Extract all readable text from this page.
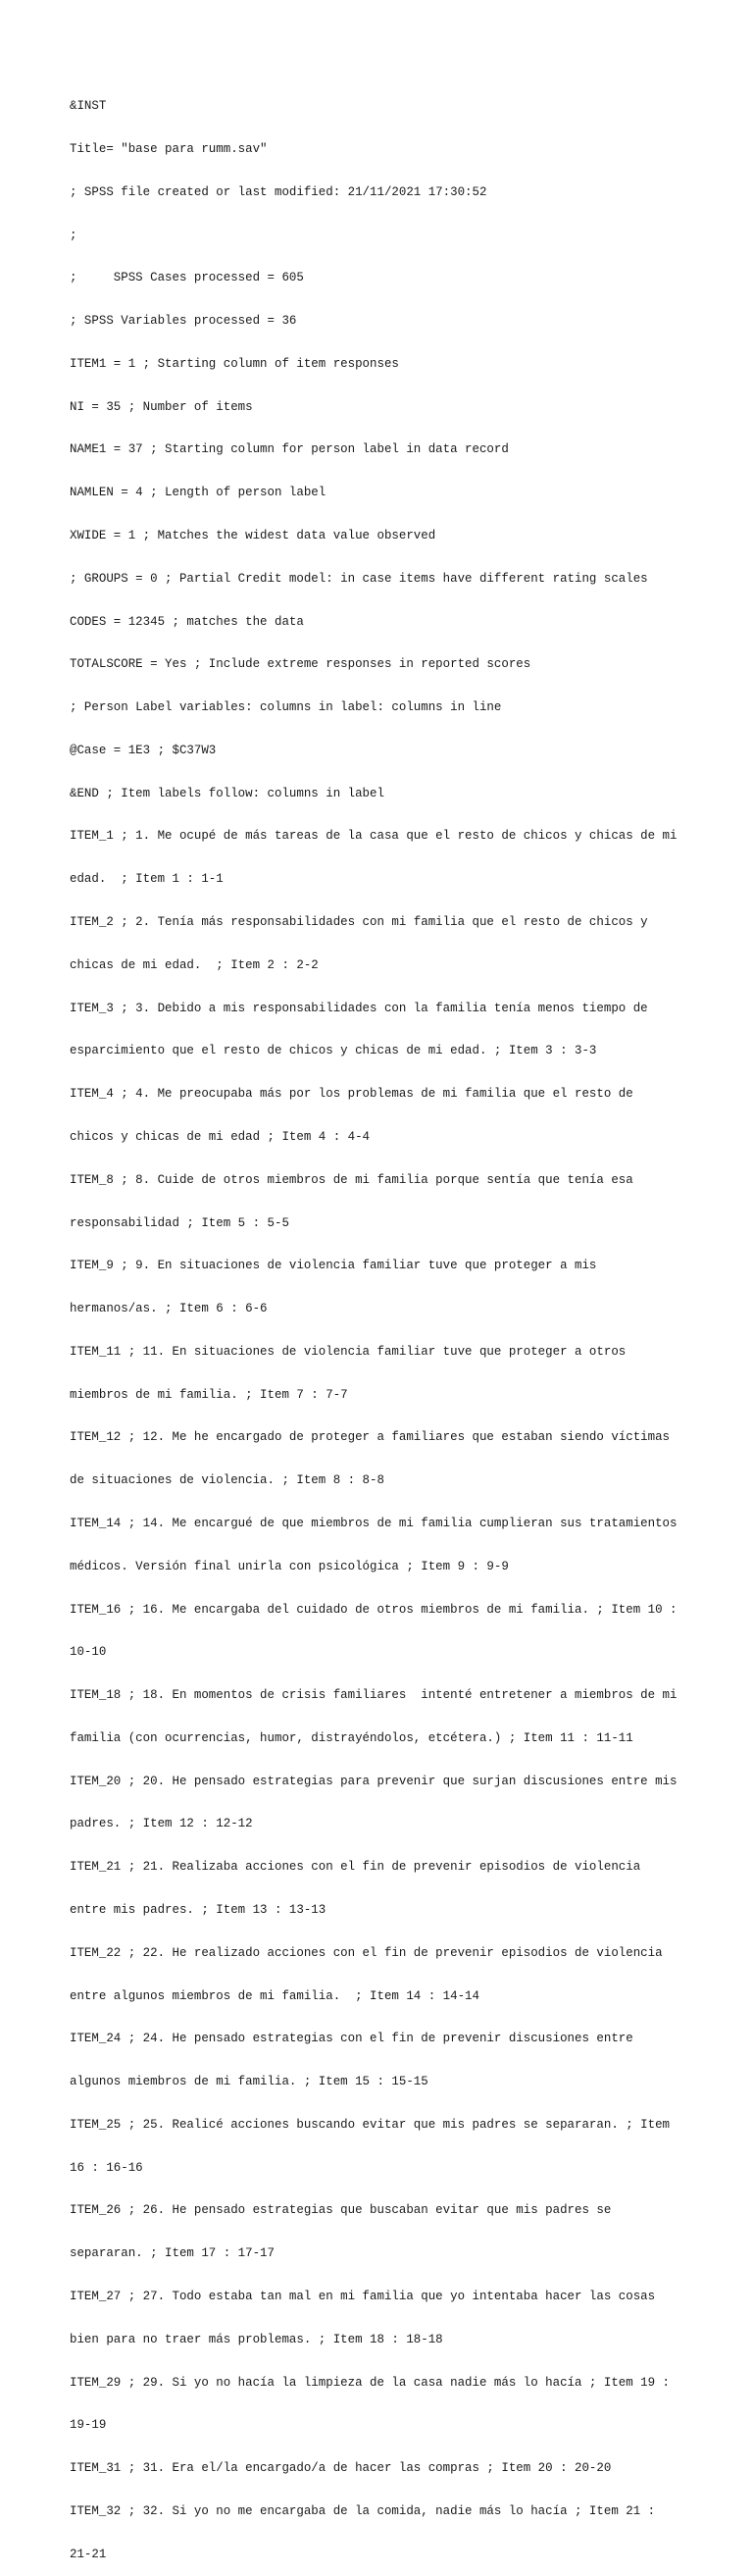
&INST

Title= "base para rumm.sav"

; SPSS file created or last modified: 21/11/2021 17:30:52

;

;     SPSS Cases processed = 605

; SPSS Variables processed = 36

ITEM1 = 1 ; Starting column of item responses

NI = 35 ; Number of items

NAME1 = 37 ; Starting column for person label in data record

NAMLEN = 4 ; Length of person label

XWIDE = 1 ; Matches the widest data value observed

; GROUPS = 0 ; Partial Credit model: in case items have different rating scales

CODES = 12345 ; matches the data

TOTALSCORE = Yes ; Include extreme responses in reported scores

; Person Label variables: columns in label: columns in line

@Case = 1E3 ; $C37W3

&END ; Item labels follow: columns in label

ITEM_1 ; 1. Me ocupé de más tareas de la casa que el resto de chicos y chicas de mi

edad.  ; Item 1 : 1-1

ITEM_2 ; 2. Tenía más responsabilidades con mi familia que el resto de chicos y

chicas de mi edad.  ; Item 2 : 2-2

ITEM_3 ; 3. Debido a mis responsabilidades con la familia tenía menos tiempo de

esparcimiento que el resto de chicos y chicas de mi edad. ; Item 3 : 3-3

ITEM_4 ; 4. Me preocupaba más por los problemas de mi familia que el resto de

chicos y chicas de mi edad ; Item 4 : 4-4

ITEM_8 ; 8. Cuide de otros miembros de mi familia porque sentía que tenía esa

responsabilidad ; Item 5 : 5-5

ITEM_9 ; 9. En situaciones de violencia familiar tuve que proteger a mis

hermanos/as. ; Item 6 : 6-6

ITEM_11 ; 11. En situaciones de violencia familiar tuve que proteger a otros

miembros de mi familia. ; Item 7 : 7-7

ITEM_12 ; 12. Me he encargado de proteger a familiares que estaban siendo víctimas

de situaciones de violencia. ; Item 8 : 8-8

ITEM_14 ; 14. Me encargué de que miembros de mi familia cumplieran sus tratamientos

médicos. Versión final unirla con psicológica ; Item 9 : 9-9

ITEM_16 ; 16. Me encargaba del cuidado de otros miembros de mi familia. ; Item 10 :

10-10

ITEM_18 ; 18. En momentos de crisis familiares  intenté entretener a miembros de mi

familia (con ocurrencias, humor, distrayéndolos, etcétera.) ; Item 11 : 11-11

ITEM_20 ; 20. He pensado estrategias para prevenir que surjan discusiones entre mis

padres. ; Item 12 : 12-12

ITEM_21 ; 21. Realizaba acciones con el fin de prevenir episodios de violencia

entre mis padres. ; Item 13 : 13-13

ITEM_22 ; 22. He realizado acciones con el fin de prevenir episodios de violencia

entre algunos miembros de mi familia.  ; Item 14 : 14-14

ITEM_24 ; 24. He pensado estrategias con el fin de prevenir discusiones entre

algunos miembros de mi familia. ; Item 15 : 15-15

ITEM_25 ; 25. Realicé acciones buscando evitar que mis padres se separaran. ; Item

16 : 16-16

ITEM_26 ; 26. He pensado estrategias que buscaban evitar que mis padres se

separaran. ; Item 17 : 17-17

ITEM_27 ; 27. Todo estaba tan mal en mi familia que yo intentaba hacer las cosas

bien para no traer más problemas. ; Item 18 : 18-18

ITEM_29 ; 29. Si yo no hacía la limpieza de la casa nadie más lo hacía ; Item 19 :

19-19

ITEM_31 ; 31. Era el/la encargado/a de hacer las compras ; Item 20 : 20-20

ITEM_32 ; 32. Si yo no me encargaba de la comida, nadie más lo hacía ; Item 21 :

21-21
